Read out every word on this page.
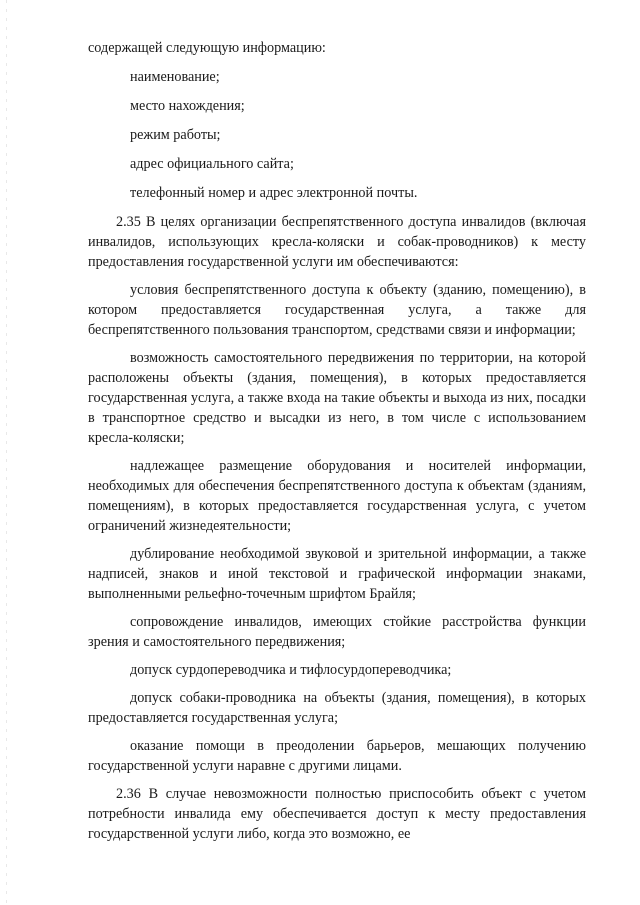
содержащей следующую информацию:

наименование;

место нахождения;

режим работы;

адрес официального сайта;

телефонный номер и адрес электронной почты.

2.35 В целях организации беспрепятственного доступа инвалидов (включая инвалидов, использующих кресла-коляски и собак-проводников) к месту предоставления государственной услуги им обеспечиваются:

условия беспрепятственного доступа к объекту (зданию, помещению), в котором предоставляется государственная услуга, а также для беспрепятственного пользования транспортом, средствами связи и информации;

возможность самостоятельного передвижения по территории, на которой расположены объекты (здания, помещения), в которых предоставляется государственная услуга, а также входа на такие объекты и выхода из них, посадки в транспортное средство и высадки из него, в том числе с использованием кресла-коляски;

надлежащее размещение оборудования и носителей информации, необходимых для обеспечения беспрепятственного доступа к объектам (зданиям, помещениям), в которых предоставляется государственная услуга, с учетом ограничений жизнедеятельности;

дублирование необходимой звуковой и зрительной информации, а также надписей, знаков и иной текстовой и графической информации знаками, выполненными рельефно-точечным шрифтом Брайля;

сопровождение инвалидов, имеющих стойкие расстройства функции зрения и самостоятельного передвижения;

допуск сурдопереводчика и тифлосурдопереводчика;

допуск собаки-проводника на объекты (здания, помещения), в которых предоставляется государственная услуга;

оказание помощи в преодолении барьеров, мешающих получению государственной услуги наравне с другими лицами.

2.36 В случае невозможности полностью приспособить объект с учетом потребности инвалида ему обеспечивается доступ к месту предоставления государственной услуги либо, когда это возможно, ее
